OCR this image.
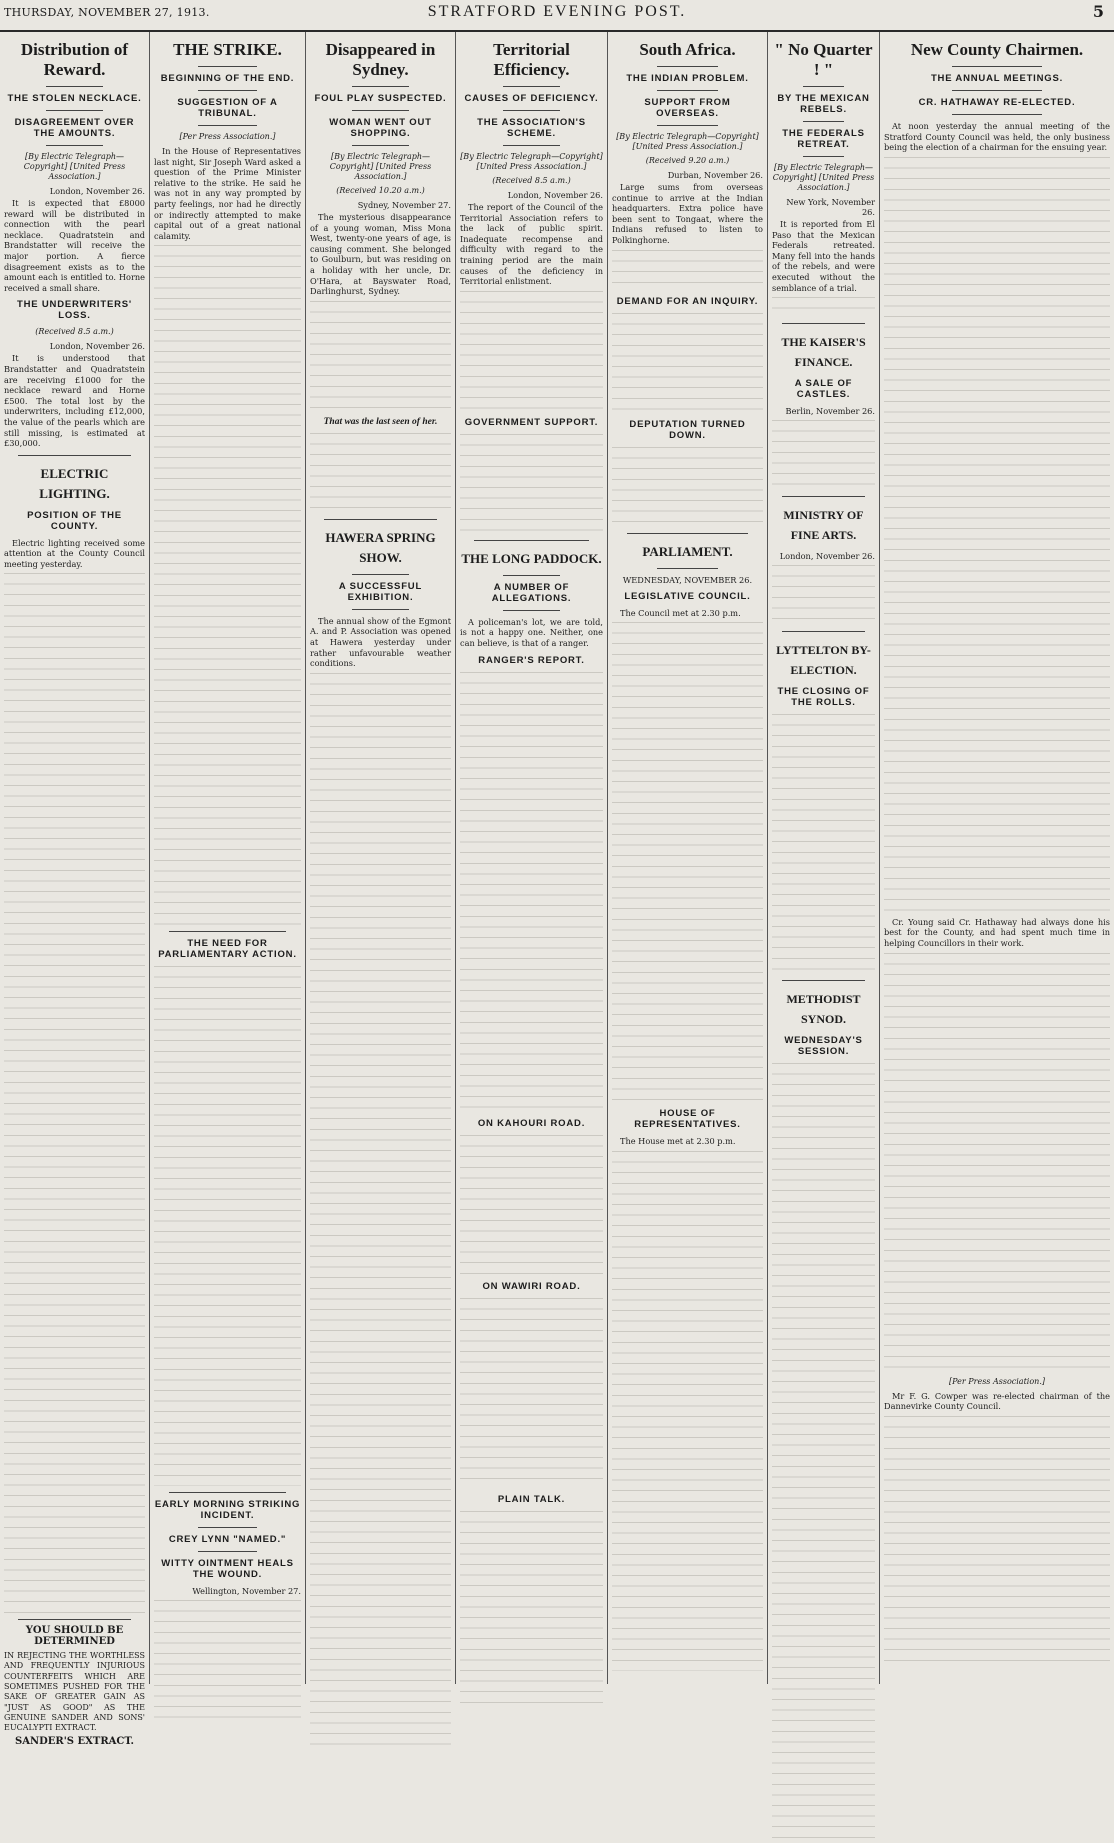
THURSDAY, NOVEMBER 27, 1913.	STRATFORD EVENING POST.	5
Distribution of Reward.
THE STOLEN NECKLACE.
DISAGREEMENT OVER THE AMOUNTS.
[By Electric Telegraph—Copyright] [United Press Association.]
London, November 26.

It is expected that £8000 reward will be distributed in connection with the pearl necklace. Quadratstein and Brandstatter will receive the major portion. A fierce disagreement exists as to the amount each is entitled to. Horne received a small share.

THE UNDERWRITERS' LOSS.
(Received 8.5 a.m.)
London, November 26.

It is understood that Brandstatter and Quadratstein are receiving £1000 for the necklace reward and Horne £500. The total lost by the underwriters, including £12,000, the value of the pearls which are still missing, is estimated at £30,000.

ELECTRIC LIGHTING.
POSITION OF THE COUNTY.

Electric lighting received some attention at the County Council meeting yesterday.

YOU SHOULD BE DETERMINED
IN REJECTING THE WORTHLESS AND FREQUENTLY INJURIOUS COUNTERFEITS WHICH ARE SOMETIMES PUSHED FOR THE SAKE OF GREATER GAIN AS "JUST AS GOOD" AS THE GENUINE SANDER AND SONS' EUCALYPTI EXTRACT.
SANDER'S EXTRACT.
THE STRIKE.
BEGINNING OF THE END.
SUGGESTION OF A TRIBUNAL.
[Per Press Association.]

In the House of Representatives last night, Sir Joseph Ward asked a question of the Prime Minister relative to the strike. He said he was not in any way prompted by party feelings, nor had he directly or indirectly attempted to make capital out of a great national calamity.

THE NEED FOR PARLIAMENTARY ACTION.
EARLY MORNING STRIKING INCIDENT.
CREY LYNN "NAMED."
WITTY OINTMENT HEALS THE WOUND.
Wellington, November 27.
Disappeared in Sydney.
FOUL PLAY SUSPECTED.
WOMAN WENT OUT SHOPPING.
[By Electric Telegraph—Copyright] [United Press Association.]
(Received 10.20 a.m.)
Sydney, November 27.

The mysterious disappearance of a young woman, Miss Mona West, twenty-one years of age, is causing comment. She belonged to Goulburn, but was residing on a holiday with her uncle, Dr. O'Hara, at Bayswater Road, Darlinghurst, Sydney.

That was the last seen of her.
HAWERA SPRING SHOW.
A SUCCESSFUL EXHIBITION.

The annual show of the Egmont A. and P. Association was opened at Hawera yesterday under rather unfavourable weather conditions.

Territorial Efficiency.
CAUSES OF DEFICIENCY.
THE ASSOCIATION'S SCHEME.
[By Electric Telegraph—Copyright] [United Press Association.]
(Received 8.5 a.m.)
London, November 26.

The report of the Council of the Territorial Association refers to the lack of public spirit. Inadequate recompense and difficulty with regard to the training period are the main causes of the deficiency in Territorial enlistment.

GOVERNMENT SUPPORT.
THE LONG PADDOCK.
A NUMBER OF ALLEGATIONS.

A policeman's lot, we are told, is not a happy one. Neither, one can believe, is that of a ranger.

RANGER'S REPORT.
ON KAHOURI ROAD.
ON WAWIRI ROAD.
PLAIN TALK.
South Africa.
THE INDIAN PROBLEM.
SUPPORT FROM OVERSEAS.
[By Electric Telegraph—Copyright] [United Press Association.]
(Received 9.20 a.m.)
Durban, November 26.

Large sums from overseas continue to arrive at the Indian headquarters. Extra police have been sent to Tongaat, where the Indians refused to listen to Polkinghorne.

DEMAND FOR AN INQUIRY.
DEPUTATION TURNED DOWN.
PARLIAMENT.
WEDNESDAY, NOVEMBER 26.
LEGISLATIVE COUNCIL.

The Council met at 2.30 p.m.

HOUSE OF REPRESENTATIVES.

The House met at 2.30 p.m.

" No Quarter ! "
BY THE MEXICAN REBELS.
THE FEDERALS RETREAT.
[By Electric Telegraph—Copyright] [United Press Association.]
New York, November 26.

It is reported from El Paso that the Mexican Federals retreated. Many fell into the hands of the rebels, and were executed without the semblance of a trial.

THE KAISER'S FINANCE.
A SALE OF CASTLES.
Berlin, November 26.
MINISTRY OF FINE ARTS.
London, November 26.
LYTTELTON BY-ELECTION.
THE CLOSING OF THE ROLLS.
METHODIST SYNOD.
WEDNESDAY'S SESSION.
New County Chairmen.
THE ANNUAL MEETINGS.
CR. HATHAWAY RE-ELECTED.

At noon yesterday the annual meeting of the Stratford County Council was held, the only business being the election of a chairman for the ensuing year.

Cr. Young said Cr. Hathaway had always done his best for the County, and had spent much time in helping Councillors in their work.

[Per Press Association.]

Mr F. G. Cowper was re-elected chairman of the Dannevirke County Council.
